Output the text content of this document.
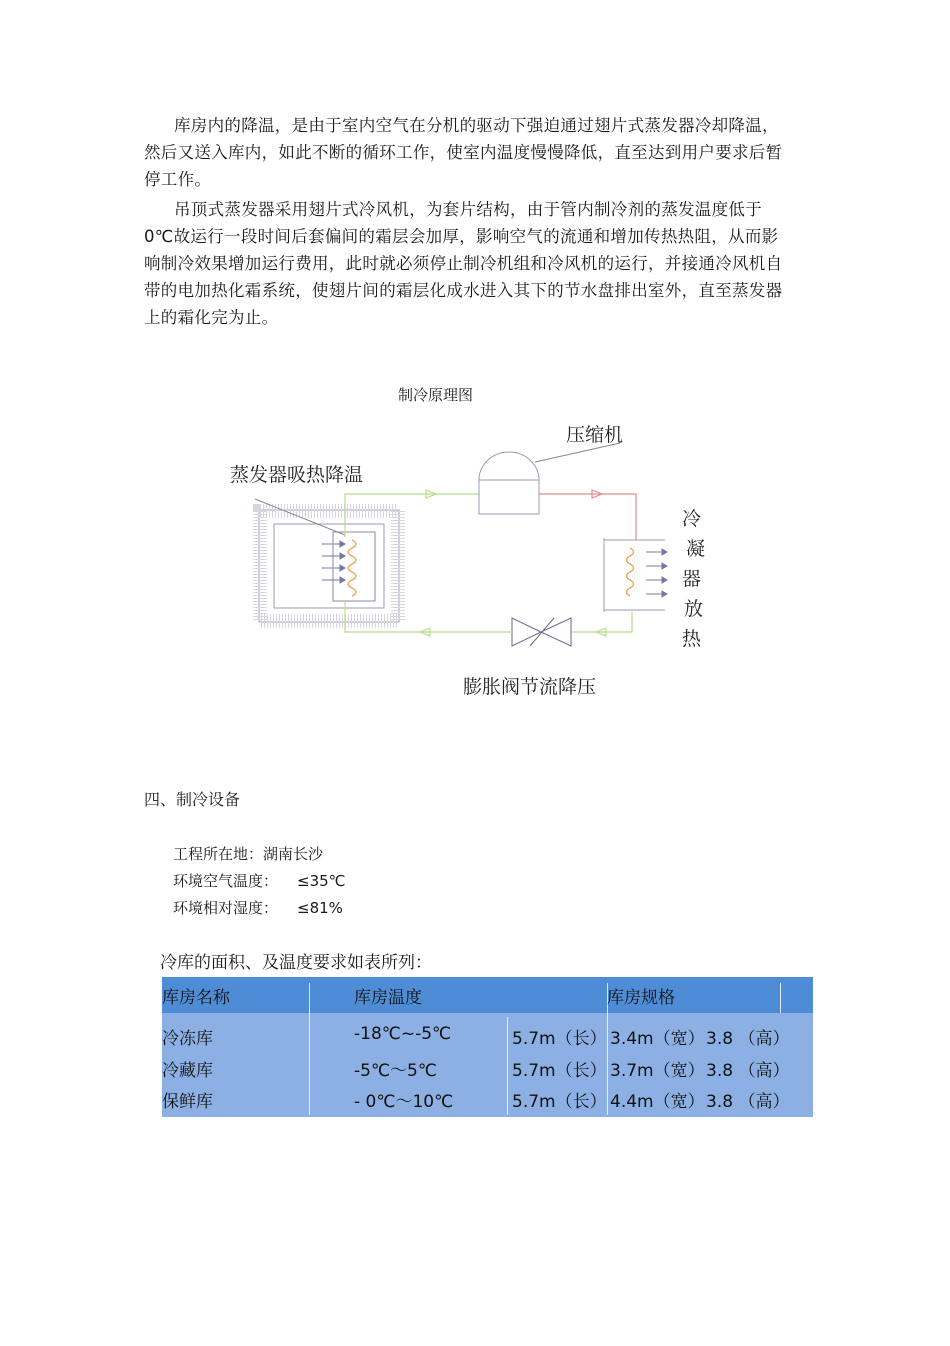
库房内的降温，是由于室内空气在分机的驱动下强迫通过翅片式蒸发器冷却降温，然后又送入库内，如此不断的循环工作，使室内温度慢慢降低，直至达到用户要求后暂停工作。

吊顶式蒸发器采用翅片式冷风机，为套片结构，由于管内制冷剂的蒸发温度低于 0℃故运行一段时间后套偏间的霜层会加厚，影响空气的流通和增加传热热阻，从而影响制冷效果增加运行费用，此时就必须停止制冷机组和冷风机的运行，并接通冷风机自带的电加热化霜系统，使翅片间的霜层化成水进入其下的节水盘排出室外，直至蒸发器上的霜化完为止。

制冷原理图
压缩机
蒸发器吸热降温
膨胀阀节流降压
冷
凝
器
放
热
四、制冷设备
工程所在地：湖南长沙
环境空气温度： ≤35℃
环境相对湿度： ≤81%
冷库的面积、及温度要求如表所列：
库房名称	库房温度	库房规格
冷冻库	-18℃~-5℃	5.7m（长） 3.4m（宽） 3.8 （高）
冷藏库	-5℃～5℃	5.7m（长） 3.7m（宽） 3.8 （高）
保鲜库	- 0℃～10℃	5.7m（长） 4.4m（宽） 3.8 （高）
